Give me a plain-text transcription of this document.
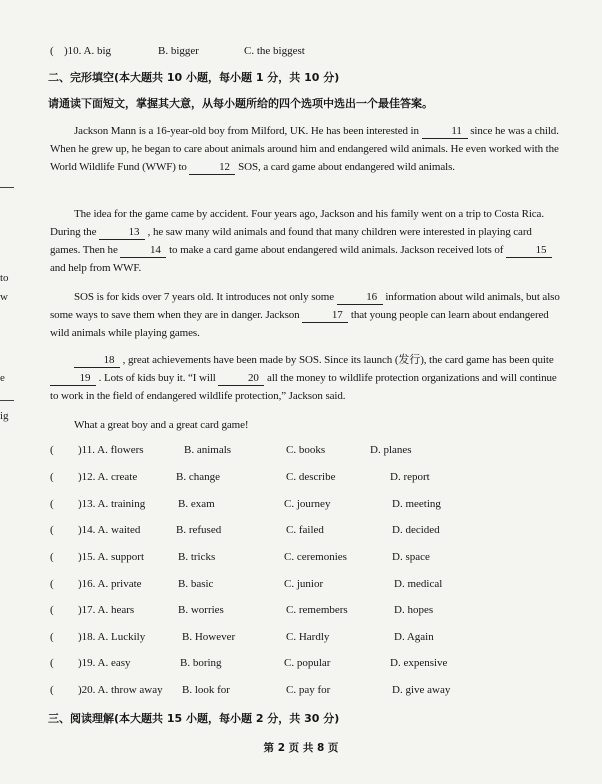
to
w
e
ig
( )10. A. big	B. bigger	C. the biggest
二、完形填空(本大题共 10 小题，每小题 1 分，共 10 分)
请通读下面短文，掌握其大意，从每小题所给的四个选项中选出一个最佳答案。

Jackson Mann is a 16-year-old boy from Milford, UK. He has been interested in	11 since he was a child. When he grew up, he began to care about animals around him and endangered wild animals. He even worked with the World Wildlife Fund (WWF) to	12 SOS, a card game about endangered wild animals.

The idea for the game came by accident. Four years ago, Jackson and his family went on a trip to Costa Rica. During the	13 , he saw many wild animals and found that many children were interested in playing card games. Then he	14 to make a card game about endangered wild animals. Jackson received lots of	15 and help from WWF.

SOS is for kids over 7 years old. It introduces not only some	16 information about wild animals, but also some ways to save them when they are in danger. Jackson	17 that young people can learn about endangered wild animals while playing games.

18 , great achievements have been made by SOS. Since its launch (发行), the card game has been quite 19 . Lots of kids buy it. “I will	20 all the money to wildlife protection organizations and will continue to work in the field of endangered wildlife protection,” Jackson said.

What a great boy and a great card game!

( )11. A. flowers	B. animals	C. books	D. planes
( )12. A. create	B. change	C. describe	D. report
( )13. A. training	B. exam	C. journey	D. meeting
( )14. A. waited	B. refused	C. failed	D. decided
( )15. A. support	B. tricks	C. ceremonies	D. space
( )16. A. private	B. basic	C. junior	D. medical
( )17. A. hears	B. worries	C. remembers	D. hopes
( )18. A. Luckily	B. However	C. Hardly	D. Again
( )19. A. easy	B. boring	C. popular	D. expensive
( )20. A. throw away B. look for	C. pay for	D. give away
三、阅读理解(本大题共 15 小题，每小题 2 分，共 30 分)
第 2 页 共 8 页
